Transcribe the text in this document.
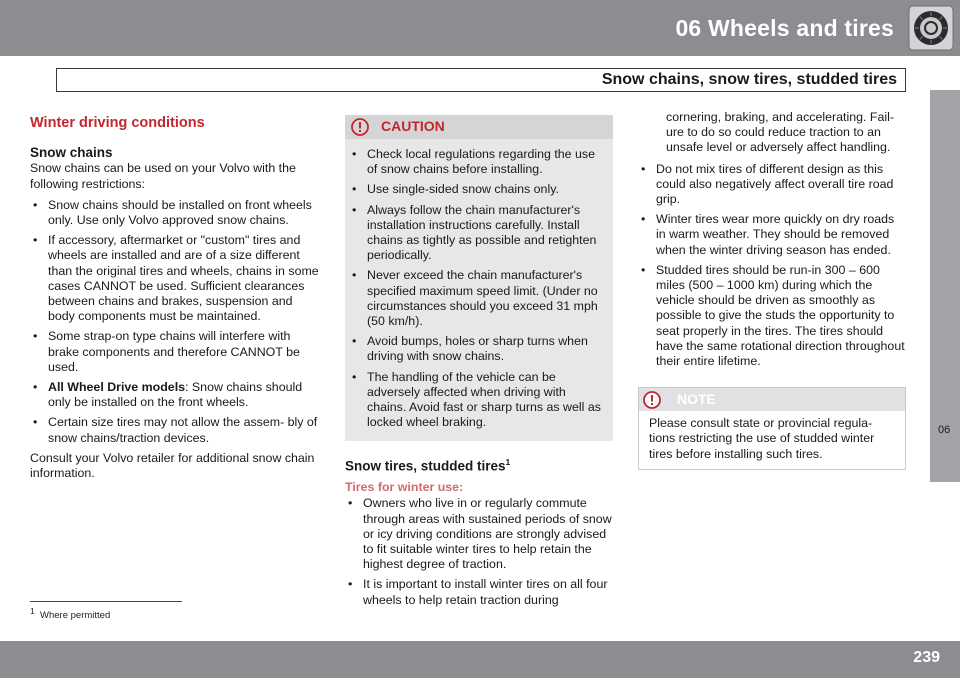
06 Wheels and tires
Snow chains, snow tires, studded tires
06
Winter driving conditions
Snow chains

Snow chains can be used on your Volvo with the following restrictions:

• Snow chains should be installed on front wheels only. Use only Volvo approved snow chains.
• If accessory, aftermarket or "custom" tires and wheels are installed and are of a size different than the original tires and wheels, chains in some cases CANNOT be used. Sufficient clearances between chains and brakes, suspension and body components must be maintained.
• Some strap-on type chains will interfere with brake components and therefore CANNOT be used.
• All Wheel Drive models: Snow chains should only be installed on the front wheels.
• Certain size tires may not allow the assem- bly of snow chains/traction devices.

Consult your Volvo retailer for additional snow chain information.

CAUTION
• Check local regulations regarding the use of snow chains before installing.
• Use single-sided snow chains only.
• Always follow the chain manufacturer's installation instructions carefully. Install chains as tightly as possible and retighten periodically.
• Never exceed the chain manufacturer's specified maximum speed limit. (Under no circumstances should you exceed 31 mph (50 km/h).
• Avoid bumps, holes or sharp turns when driving with snow chains.
• The handling of the vehicle can be adversely affected when driving with chains. Avoid fast or sharp turns as well as locked wheel braking.
Snow tires, studded tires$^1$

Tires for winter use:

• Owners who live in or regularly commute through areas with sustained periods of snow or icy driving conditions are strongly advised to fit suitable winter tires to help retain the highest degree of traction.
• It is important to install winter tires on all four wheels to help retain traction during

cornering, braking, and accelerating. Fail- ure to do so could reduce traction to an unsafe level or adversely affect handling.

• Do not mix tires of different design as this could also negatively affect overall tire road grip.
• Winter tires wear more quickly on dry roads in warm weather. They should be removed when the winter driving season has ended.
• Studded tires should be run-in 300 – 600 miles (500 – 1000 km) during which the vehicle should be driven as smoothly as possible to give the studs the opportunity to seat properly in the tires. The tires should have the same rotational direction throughout their entire lifetime.
NOTE
Please consult state or provincial regula- tions restricting the use of studded winter tires before installing such tires.
$^1$ Where permitted
239
